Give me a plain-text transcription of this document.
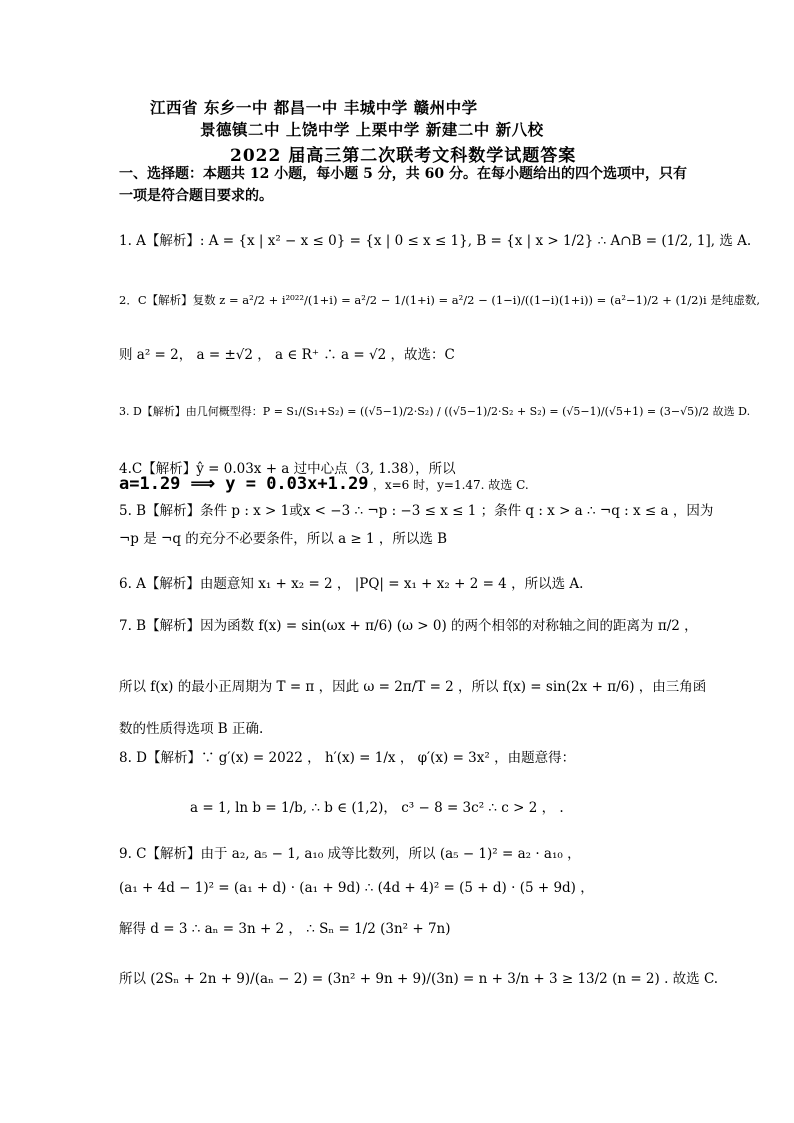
江西省 东乡一中 都昌一中 丰城中学 赣州中学
景德镇二中 上饶中学 上栗中学 新建二中 新八校
2022 届高三第二次联考文科数学试题答案
一、选择题：本题共 12 小题，每小题 5 分，共 60 分。在每小题给出的四个选项中，只有
一项是符合题目要求的。
1. A【解析】: A = {x | x² − x ≤ 0} = {x | 0 ≤ x ≤ 1}, B = {x | x > 1/2} ∴ A∩B = (1/2, 1], 选 A.
2．C【解析】复数 z = a²/2 + i²⁰²²/(1+i) = a²/2 − 1/(1+i) = a²/2 − (1−i)/((1−i)(1+i)) = (a²−1)/2 + (1/2)i 是纯虚数,
则 a² = 2， a = ±√2 ， a ∈ R⁺ ∴ a = √2 ，故选：C
3. D【解析】由几何概型得：P = S₁/(S₁+S₂) = ((√5−1)/2·S₂) / ((√5−1)/2·S₂ + S₂) = (√5−1)/(√5+1) = (3−√5)/2 故选 D.
4.C【解析】ŷ = 0.03x + a 过中心点（3, 1.38），所以
a=1.29 ⟹ y = 0.03x+1.29 ，x=6 时，y=1.47. 故选 C.
5. B【解析】条件 p : x > 1或x < −3 ∴ ¬p : −3 ≤ x ≤ 1 ；条件 q : x > a ∴ ¬q : x ≤ a ，因为
¬p 是 ¬q 的充分不必要条件，所以 a ≥ 1 ，所以选 B
6. A【解析】由题意知 x₁ + x₂ = 2 ， |PQ| = x₁ + x₂ + 2 = 4 ，所以选 A.
7. B【解析】因为函数 f(x) = sin(ωx + π/6) (ω > 0) 的两个相邻的对称轴之间的距离为 π/2 ，
所以 f(x) 的最小正周期为 T = π ，因此 ω = 2π/T = 2 ，所以 f(x) = sin(2x + π/6) ，由三角函
数的性质得选项 B 正确.
8. D【解析】∵ g′(x) = 2022 ， h′(x) = 1/x ， φ′(x) = 3x² ，由题意得：
a = 1, ln b = 1/b, ∴ b ∈ (1,2)， c³ − 8 = 3c² ∴ c > 2 ， .
9. C【解析】由于 a₂, a₅ − 1, a₁₀ 成等比数列，所以 (a₅ − 1)² = a₂ · a₁₀ ，
(a₁ + 4d − 1)² = (a₁ + d) · (a₁ + 9d) ∴ (4d + 4)² = (5 + d) · (5 + 9d) ，
解得 d = 3 ∴ aₙ = 3n + 2 ， ∴ Sₙ = 1/2 (3n² + 7n)
所以 (2Sₙ + 2n + 9)/(aₙ − 2) = (3n² + 9n + 9)/(3n) = n + 3/n + 3 ≥ 13/2 (n = 2) . 故选 C.
